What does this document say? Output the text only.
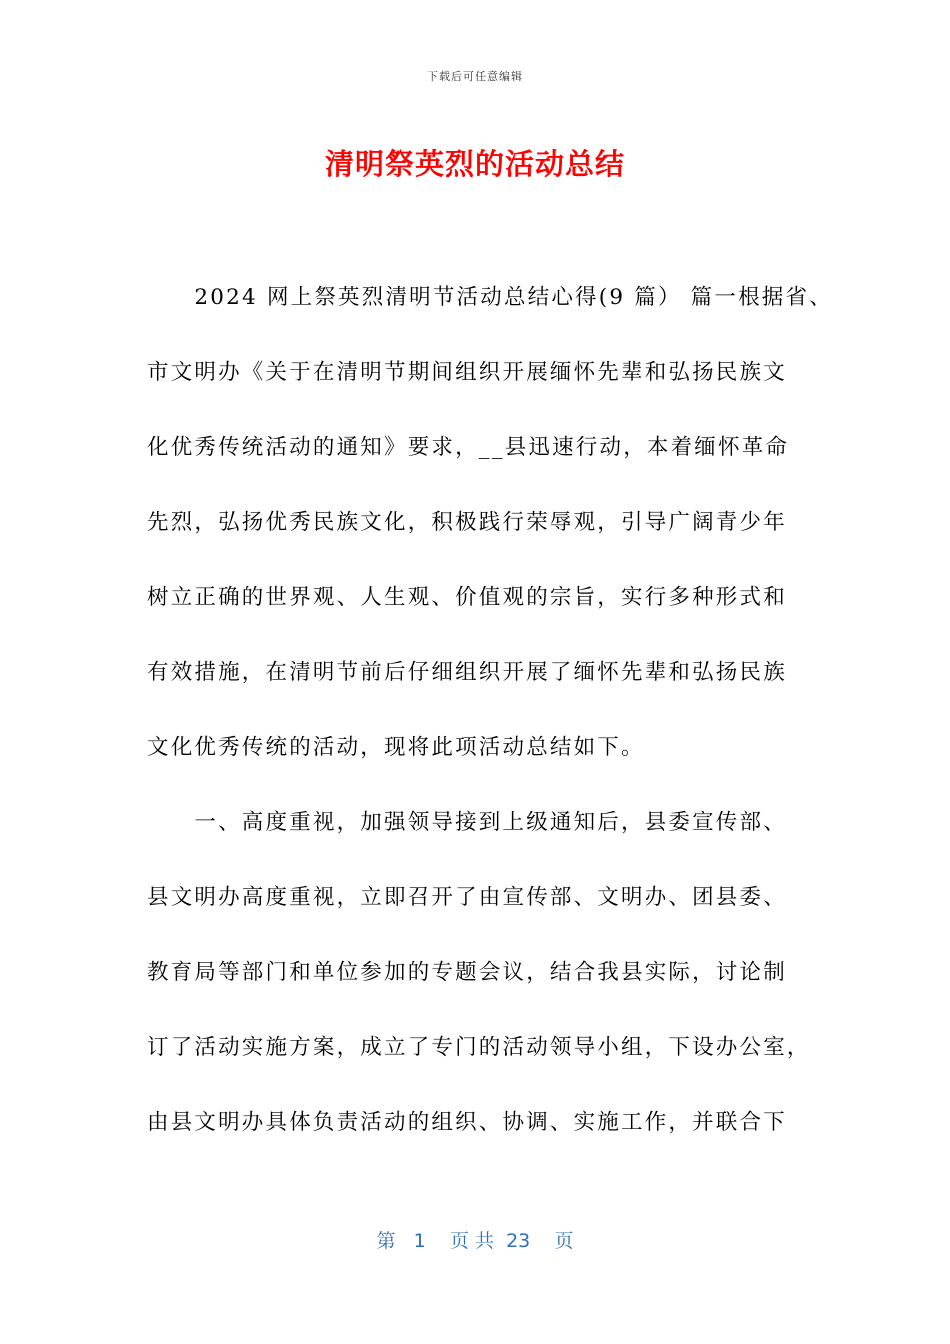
下载后可任意编辑
清明祭英烈的活动总结
　　2024 网上祭英烈清明节活动总结心得(9 篇） 篇一根据省、
市文明办《关于在清明节期间组织开展缅怀先辈和弘扬民族文
化优秀传统活动的通知》要求，__县迅速行动，本着缅怀革命
先烈，弘扬优秀民族文化，积极践行荣辱观，引导广阔青少年
树立正确的世界观、人生观、价值观的宗旨，实行多种形式和
有效措施，在清明节前后仔细组织开展了缅怀先辈和弘扬民族
文化优秀传统的活动，现将此项活动总结如下。
　　一、高度重视，加强领导接到上级通知后，县委宣传部、
县文明办高度重视，立即召开了由宣传部、文明办、团县委、
教育局等部门和单位参加的专题会议，结合我县实际，讨论制
订了活动实施方案，成立了专门的活动领导小组，下设办公室，
由县文明办具体负责活动的组织、协调、实施工作，并联合下
第 1 页 共 23 页
